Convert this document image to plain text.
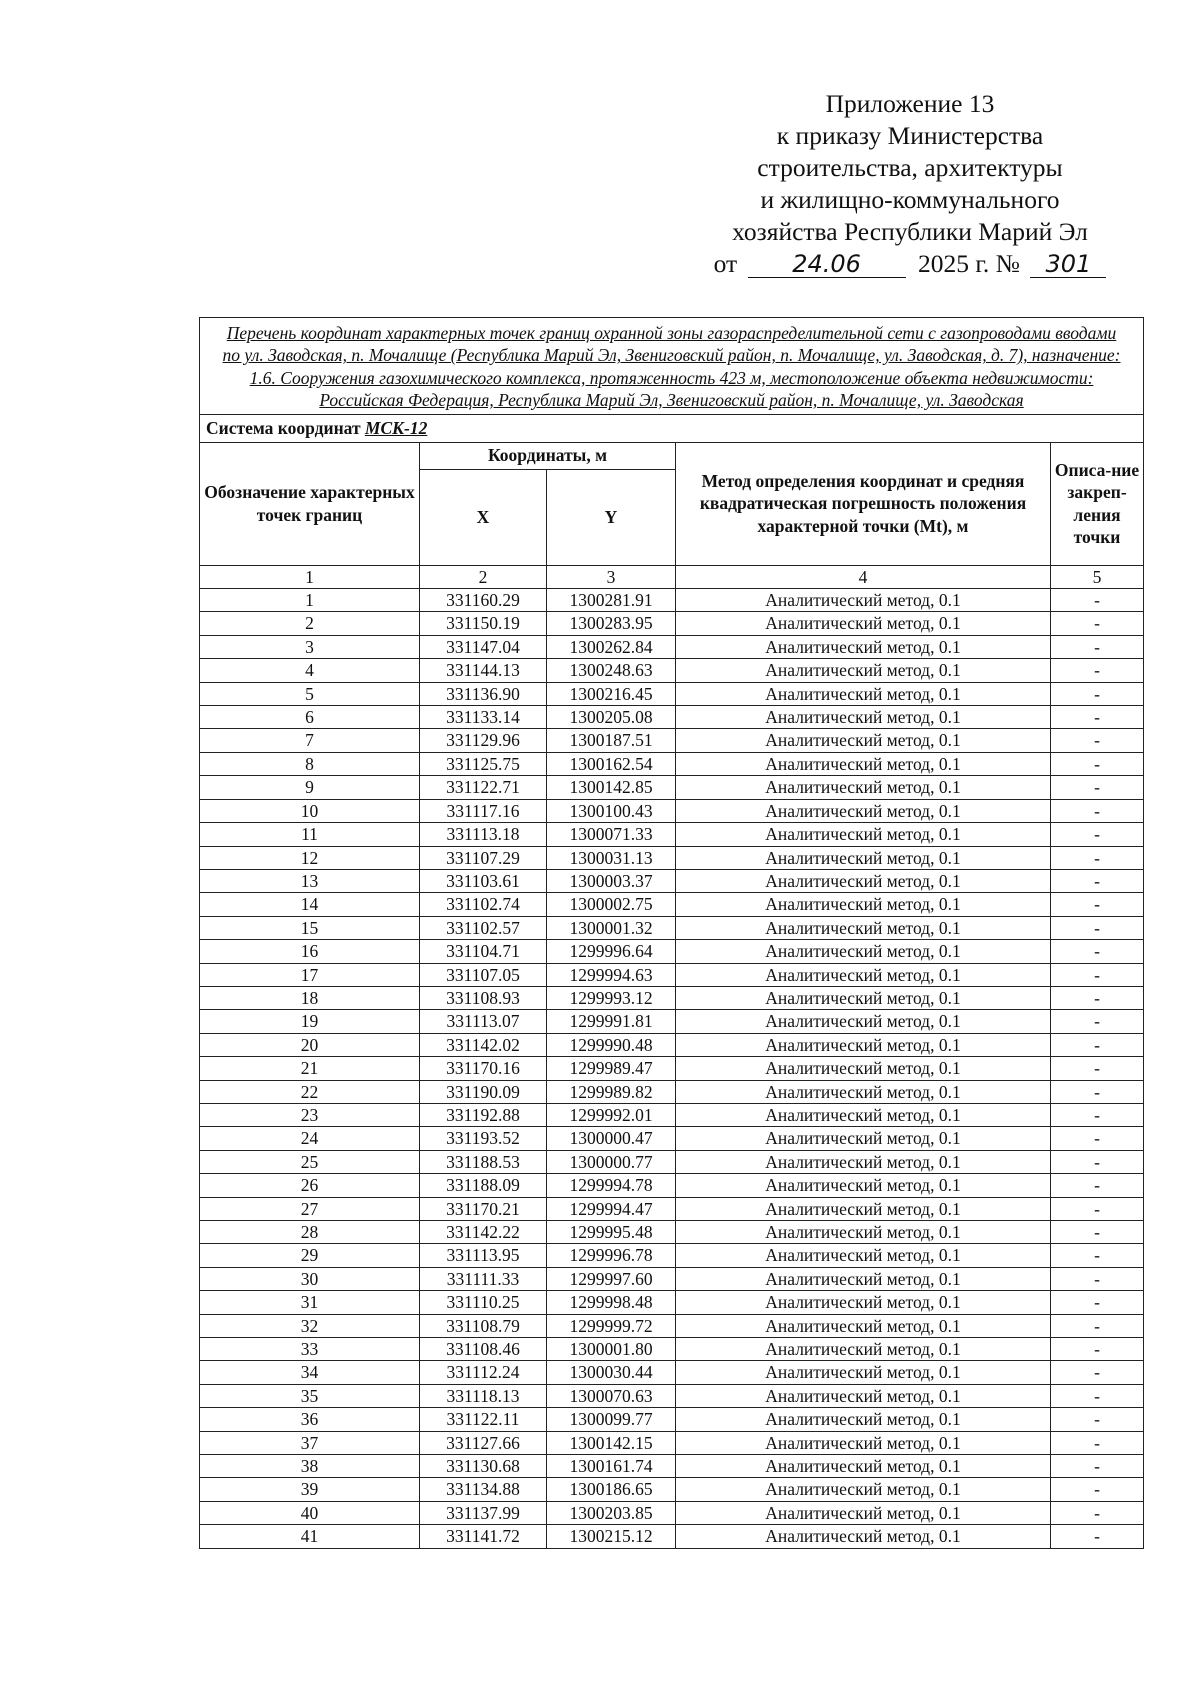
Приложение 13
к приказу Министерства
строительства, архитектуры
и жилищно-коммунального
хозяйства Республики Марий Эл
от 24.06 2025 г. № 301
Перечень координат характерных точек границ охранной зоны газораспределительной сети с газопроводами вводами по ул. Заводская, п. Мочалище (Республика Марий Эл, Звениговский район, п. Мочалище, ул. Заводская, д. 7), назначение: 1.6. Сооружения газохимического комплекса, протяженность 423 м, местоположение объекта недвижимости: Российская Федерация, Республика Марий Эл, Звениговский район, п. Мочалище, ул. Заводская				
Система координат МСК-12				
Обозначение характерных точек границ	Координаты, м		Метод определения координат и средняя квадратическая погрешность положения характерной точки (Mt), м	Описа-ние закреп-ления точки
	X	Y		
1	2	3	4	5
1	331160.29	1300281.91	Аналитический метод, 0.1	-
2	331150.19	1300283.95	Аналитический метод, 0.1	-
3	331147.04	1300262.84	Аналитический метод, 0.1	-
4	331144.13	1300248.63	Аналитический метод, 0.1	-
5	331136.90	1300216.45	Аналитический метод, 0.1	-
6	331133.14	1300205.08	Аналитический метод, 0.1	-
7	331129.96	1300187.51	Аналитический метод, 0.1	-
8	331125.75	1300162.54	Аналитический метод, 0.1	-
9	331122.71	1300142.85	Аналитический метод, 0.1	-
10	331117.16	1300100.43	Аналитический метод, 0.1	-
11	331113.18	1300071.33	Аналитический метод, 0.1	-
12	331107.29	1300031.13	Аналитический метод, 0.1	-
13	331103.61	1300003.37	Аналитический метод, 0.1	-
14	331102.74	1300002.75	Аналитический метод, 0.1	-
15	331102.57	1300001.32	Аналитический метод, 0.1	-
16	331104.71	1299996.64	Аналитический метод, 0.1	-
17	331107.05	1299994.63	Аналитический метод, 0.1	-
18	331108.93	1299993.12	Аналитический метод, 0.1	-
19	331113.07	1299991.81	Аналитический метод, 0.1	-
20	331142.02	1299990.48	Аналитический метод, 0.1	-
21	331170.16	1299989.47	Аналитический метод, 0.1	-
22	331190.09	1299989.82	Аналитический метод, 0.1	-
23	331192.88	1299992.01	Аналитический метод, 0.1	-
24	331193.52	1300000.47	Аналитический метод, 0.1	-
25	331188.53	1300000.77	Аналитический метод, 0.1	-
26	331188.09	1299994.78	Аналитический метод, 0.1	-
27	331170.21	1299994.47	Аналитический метод, 0.1	-
28	331142.22	1299995.48	Аналитический метод, 0.1	-
29	331113.95	1299996.78	Аналитический метод, 0.1	-
30	331111.33	1299997.60	Аналитический метод, 0.1	-
31	331110.25	1299998.48	Аналитический метод, 0.1	-
32	331108.79	1299999.72	Аналитический метод, 0.1	-
33	331108.46	1300001.80	Аналитический метод, 0.1	-
34	331112.24	1300030.44	Аналитический метод, 0.1	-
35	331118.13	1300070.63	Аналитический метод, 0.1	-
36	331122.11	1300099.77	Аналитический метод, 0.1	-
37	331127.66	1300142.15	Аналитический метод, 0.1	-
38	331130.68	1300161.74	Аналитический метод, 0.1	-
39	331134.88	1300186.65	Аналитический метод, 0.1	-
40	331137.99	1300203.85	Аналитический метод, 0.1	-
41	331141.72	1300215.12	Аналитический метод, 0.1	-
